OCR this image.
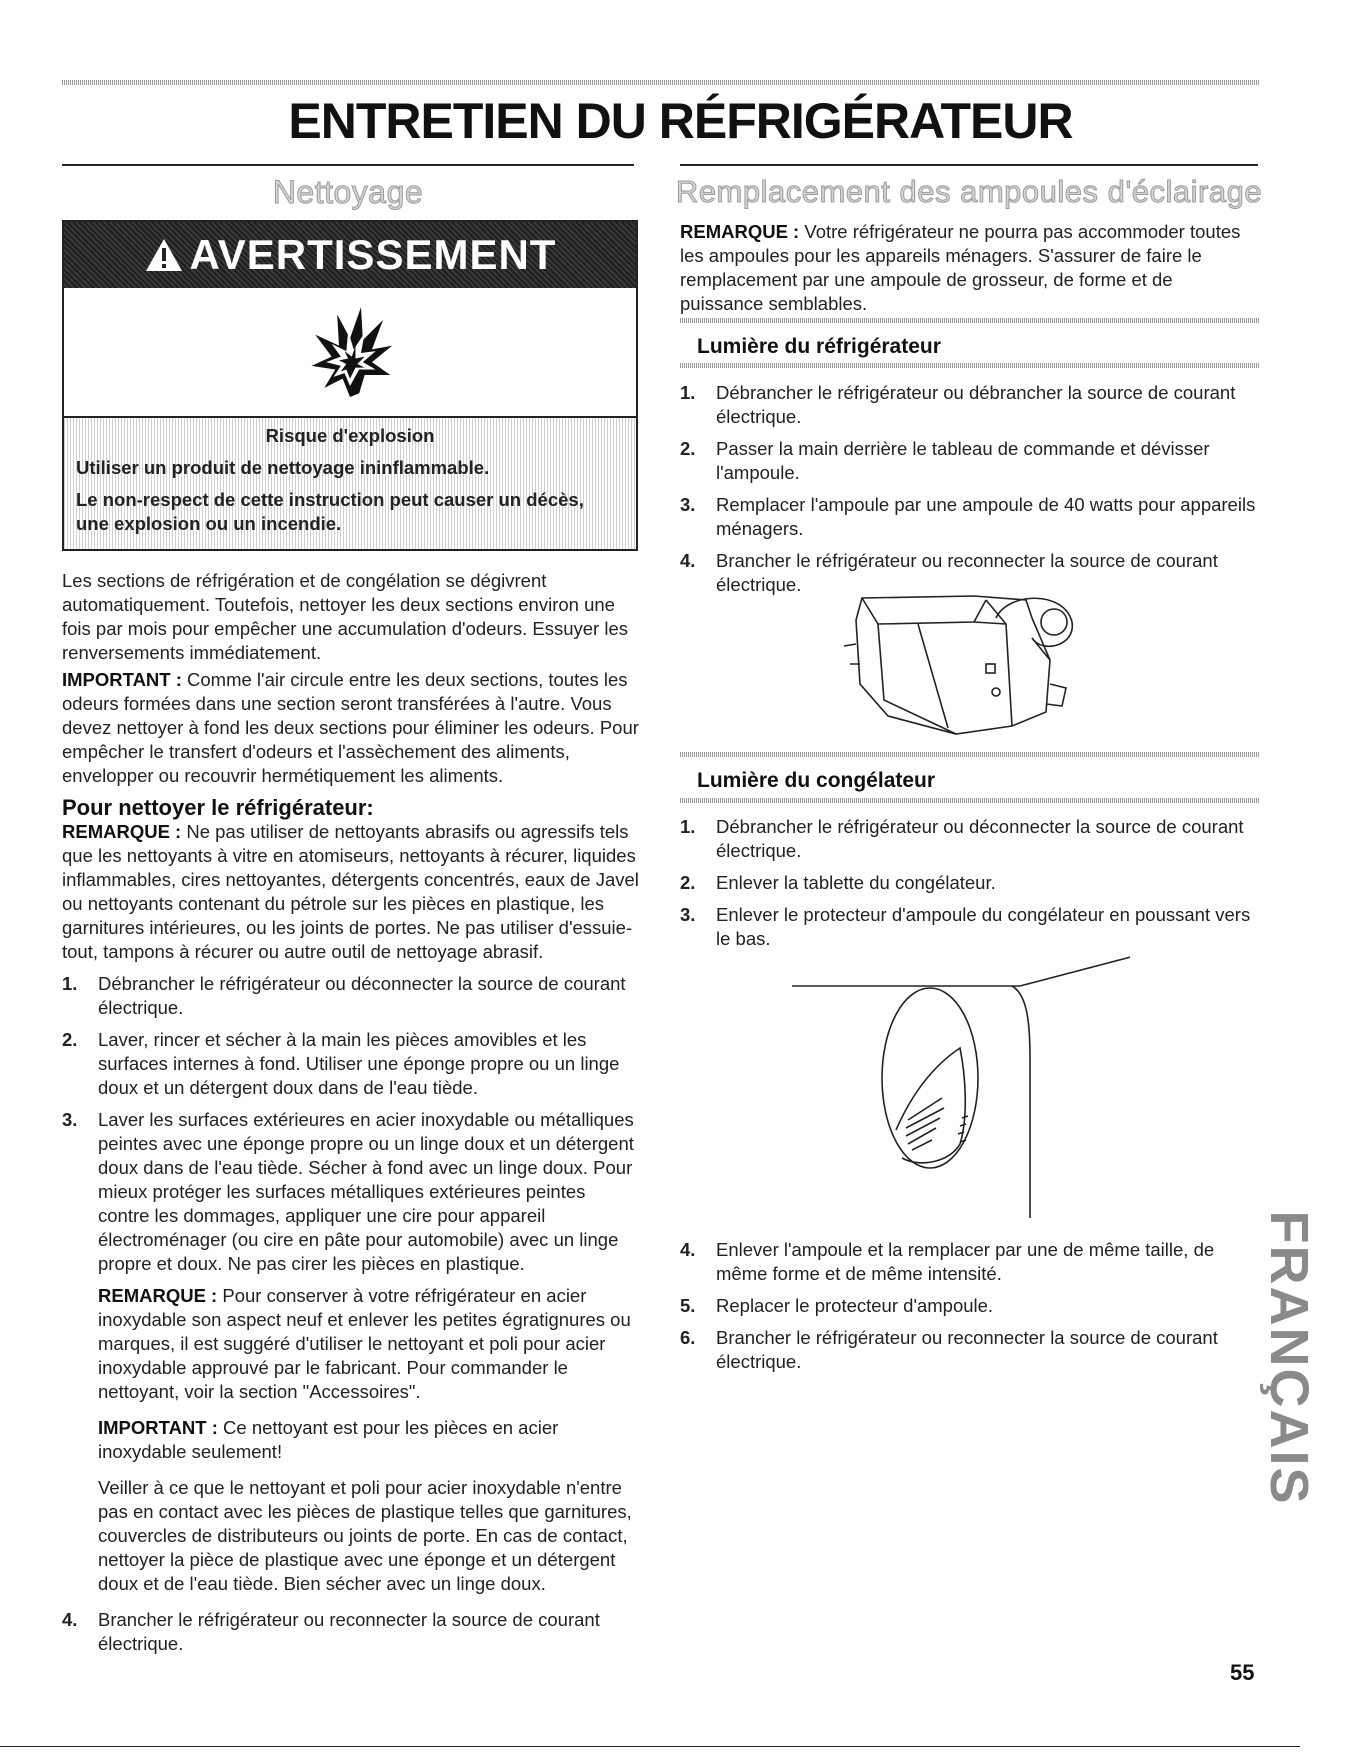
ENTRETIEN DU RÉFRIGÉRATEUR
Nettoyage
AVERTISSEMENT
Risque d'explosion
Utiliser un produit de nettoyage ininflammable.
Le non-respect de cette instruction peut causer un décès, une explosion ou un incendie.

Les sections de réfrigération et de congélation se dégivrent automatiquement. Toutefois, nettoyer les deux sections environ une fois par mois pour empêcher une accumulation d'odeurs. Essuyer les renversements immédiatement.

IMPORTANT : Comme l'air circule entre les deux sections, toutes les odeurs formées dans une section seront transférées à l'autre. Vous devez nettoyer à fond les deux sections pour éliminer les odeurs. Pour empêcher le transfert d'odeurs et l'assèchement des aliments, envelopper ou recouvrir hermétiquement les aliments.

Pour nettoyer le réfrigérateur:

REMARQUE : Ne pas utiliser de nettoyants abrasifs ou agressifs tels que les nettoyants à vitre en atomiseurs, nettoyants à récurer, liquides inflammables, cires nettoyantes, détergents concentrés, eaux de Javel ou nettoyants contenant du pétrole sur les pièces en plastique, les garnitures intérieures, ou les joints de portes. Ne pas utiliser d'essuie-tout, tampons à récurer ou autre outil de nettoyage abrasif.

1. Débrancher le réfrigérateur ou déconnecter la source de courant électrique.
2. Laver, rincer et sécher à la main les pièces amovibles et les surfaces internes à fond. Utiliser une éponge propre ou un linge doux et un détergent doux dans de l'eau tiède.
3. Laver les surfaces extérieures en acier inoxydable ou métalliques peintes avec une éponge propre ou un linge doux et un détergent doux dans de l'eau tiède. Sécher à fond avec un linge doux. Pour mieux protéger les surfaces métalliques extérieures peintes contre les dommages, appliquer une cire pour appareil électroménager (ou cire en pâte pour automobile) avec un linge propre et doux. Ne pas cirer les pièces en plastique.

REMARQUE : Pour conserver à votre réfrigérateur en acier inoxydable son aspect neuf et enlever les petites égratignures ou marques, il est suggéré d'utiliser le nettoyant et poli pour acier inoxydable approuvé par le fabricant. Pour commander le nettoyant, voir la section "Accessoires".

IMPORTANT : Ce nettoyant est pour les pièces en acier inoxydable seulement!

Veiller à ce que le nettoyant et poli pour acier inoxydable n'entre pas en contact avec les pièces de plastique telles que garnitures, couvercles de distributeurs ou joints de porte. En cas de contact, nettoyer la pièce de plastique avec une éponge et un détergent doux et de l'eau tiède. Bien sécher avec un linge doux.

4. Brancher le réfrigérateur ou reconnecter la source de courant électrique.
Remplacement des ampoules d'éclairage

REMARQUE : Votre réfrigérateur ne pourra pas accommoder toutes les ampoules pour les appareils ménagers. S'assurer de faire le remplacement par une ampoule de grosseur, de forme et de puissance semblables.

Lumière du réfrigérateur
1. Débrancher le réfrigérateur ou débrancher la source de courant électrique.
2. Passer la main derrière le tableau de commande et dévisser l'ampoule.
3. Remplacer l'ampoule par une ampoule de 40 watts pour appareils ménagers.
4. Brancher le réfrigérateur ou reconnecter la source de courant électrique.
Lumière du congélateur
1. Débrancher le réfrigérateur ou déconnecter la source de courant électrique.
2. Enlever la tablette du congélateur.
3. Enlever le protecteur d'ampoule du congélateur en poussant vers le bas.
4. Enlever l'ampoule et la remplacer par une de même taille, de même forme et de même intensité.
5. Replacer le protecteur d'ampoule.
6. Brancher le réfrigérateur ou reconnecter la source de courant électrique.	FRANÇAIS
55
